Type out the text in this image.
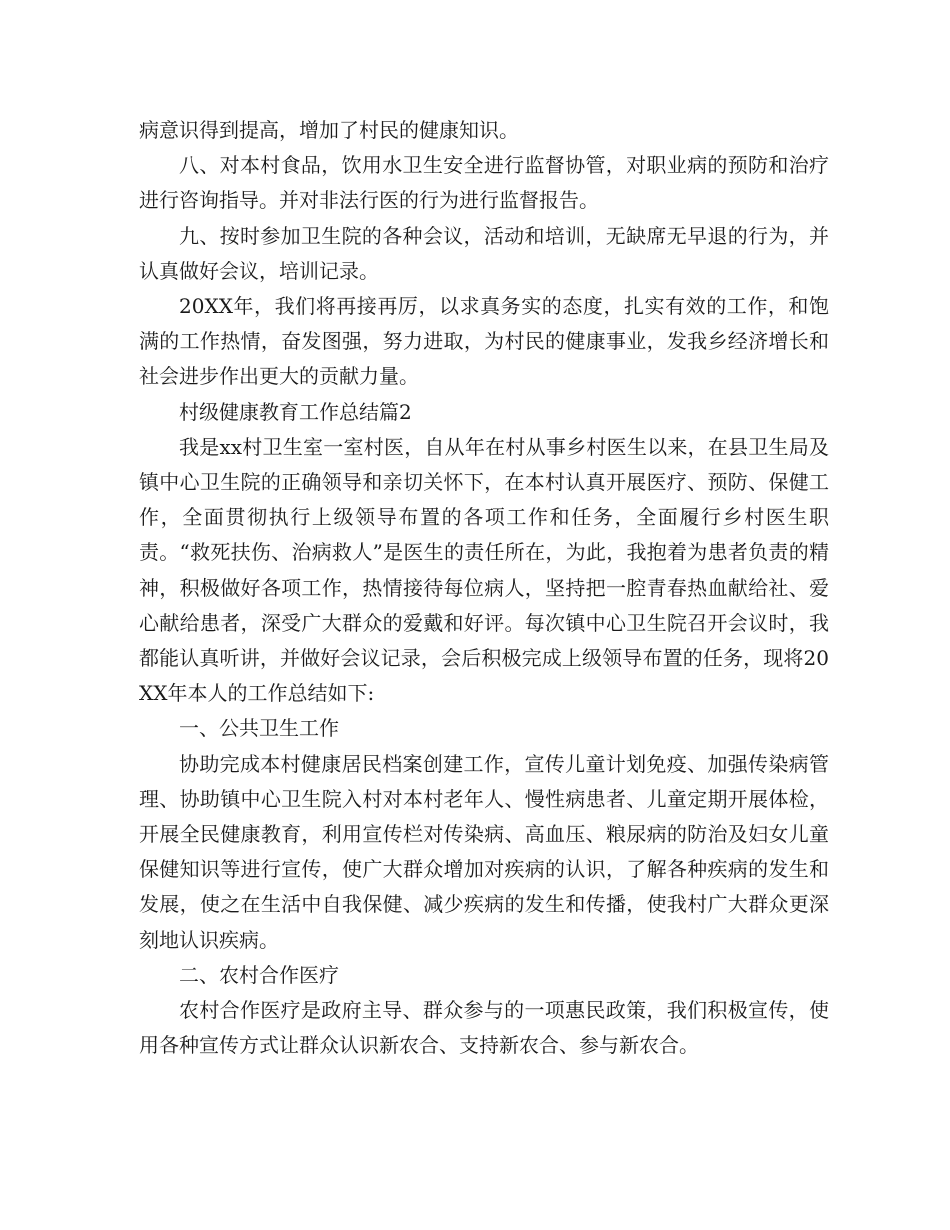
病意识得到提高，增加了村民的健康知识。

八、对本村食品，饮用水卫生安全进行监督协管，对职业病的预防和治疗进行咨询指导。并对非法行医的行为进行监督报告。

九、按时参加卫生院的各种会议，活动和培训，无缺席无早退的行为，并认真做好会议，培训记录。

20XX年，我们将再接再厉，以求真务实的态度，扎实有效的工作，和饱满的工作热情，奋发图强，努力进取，为村民的健康事业，发我乡经济增长和社会进步作出更大的贡献力量。

村级健康教育工作总结篇2

我是xx村卫生室一室村医，自从年在村从事乡村医生以来，在县卫生局及镇中心卫生院的正确领导和亲切关怀下，在本村认真开展医疗、预防、保健工作，全面贯彻执行上级领导布置的各项工作和任务，全面履行乡村医生职责。“救死扶伤、治病救人”是医生的责任所在，为此，我抱着为患者负责的精神，积极做好各项工作，热情接待每位病人，坚持把一腔青春热血献给社、爱心献给患者，深受广大群众的爱戴和好评。每次镇中心卫生院召开会议时，我都能认真听讲，并做好会议记录，会后积极完成上级领导布置的任务，现将20XX年本人的工作总结如下:

一、公共卫生工作

协助完成本村健康居民档案创建工作，宣传儿童计划免疫、加强传染病管理、协助镇中心卫生院入村对本村老年人、慢性病患者、儿童定期开展体检，开展全民健康教育，利用宣传栏对传染病、高血压、粮尿病的防治及妇女儿童保健知识等进行宣传，使广大群众增加对疾病的认识，了解各种疾病的发生和发展，使之在生活中自我保健、减少疾病的发生和传播，使我村广大群众更深刻地认识疾病。

二、农村合作医疗

农村合作医疗是政府主导、群众参与的一项惠民政策，我们积极宣传，使用各种宣传方式让群众认识新农合、支持新农合、参与新农合。
